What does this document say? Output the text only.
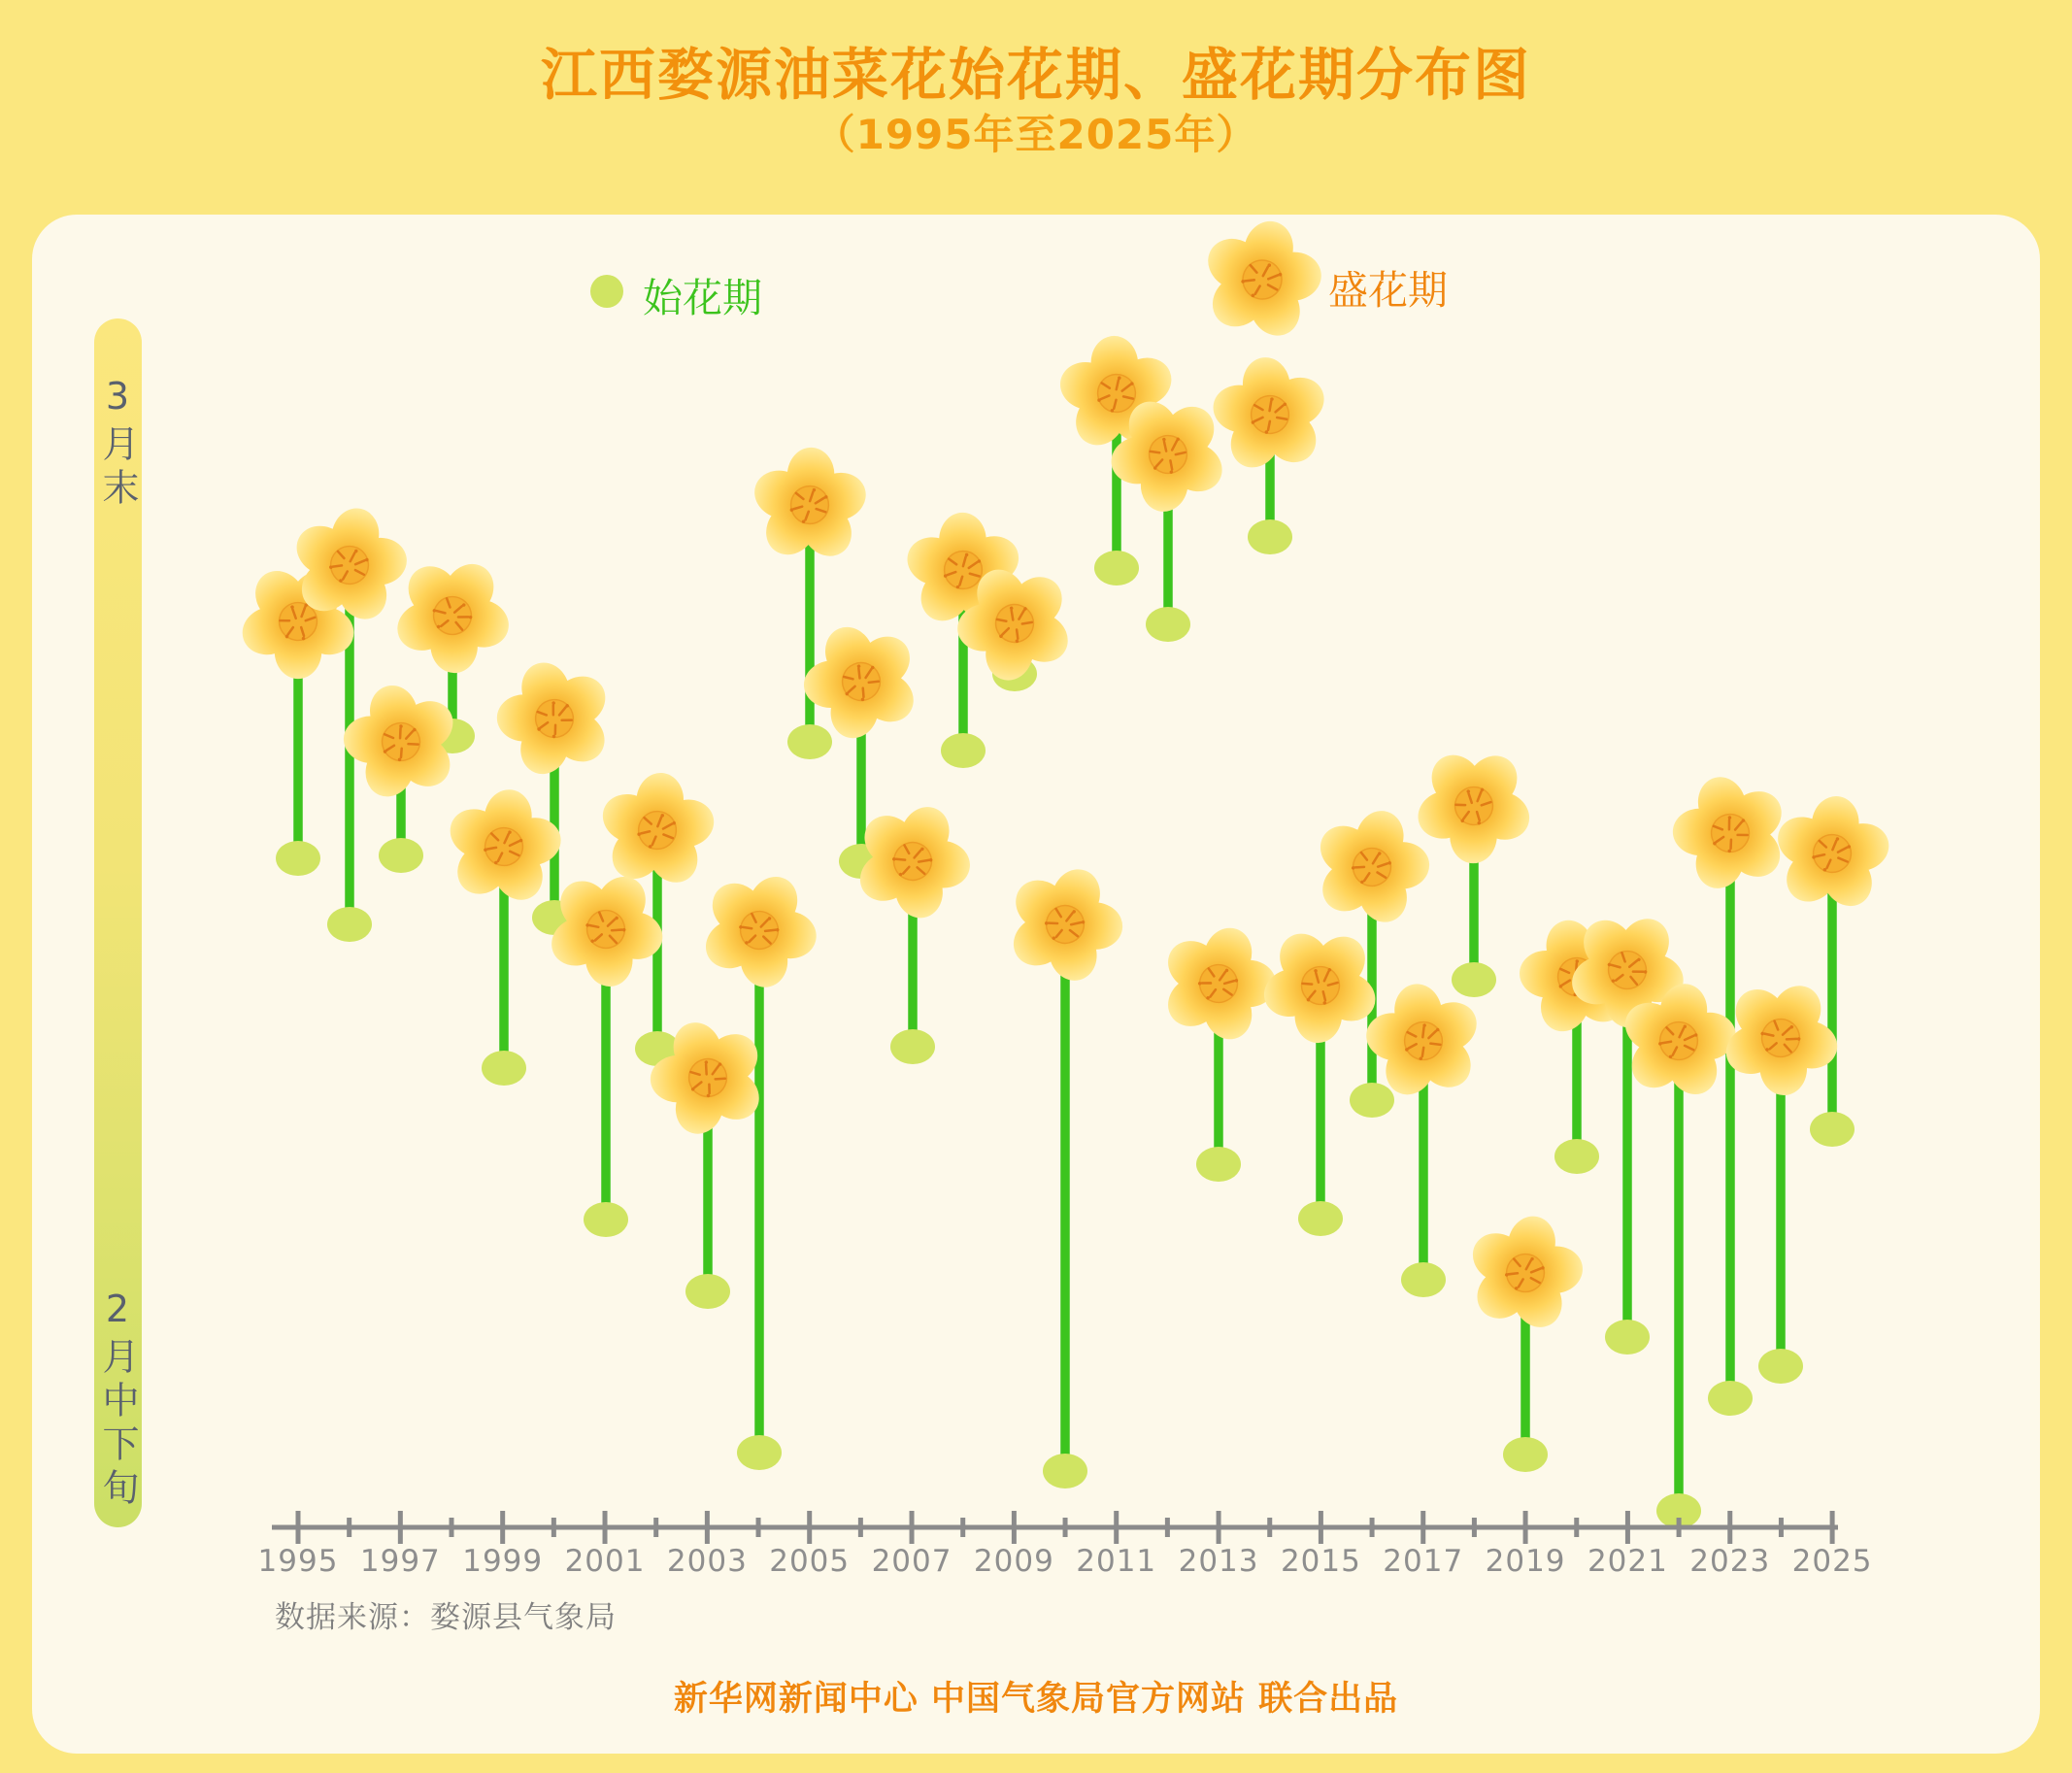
江西婺源油菜花始花期、盛花期分布图
（1995年至2025年）
3月末
2月中下旬
1995 1997 1999 2001 2003 2005 2007 2009 2011 2013 2015 2017 2019 2021 2023 2025
始花期	盛花期
数据来源：婺源县气象局
新华网新闻中心 中国气象局官方网站 联合出品
